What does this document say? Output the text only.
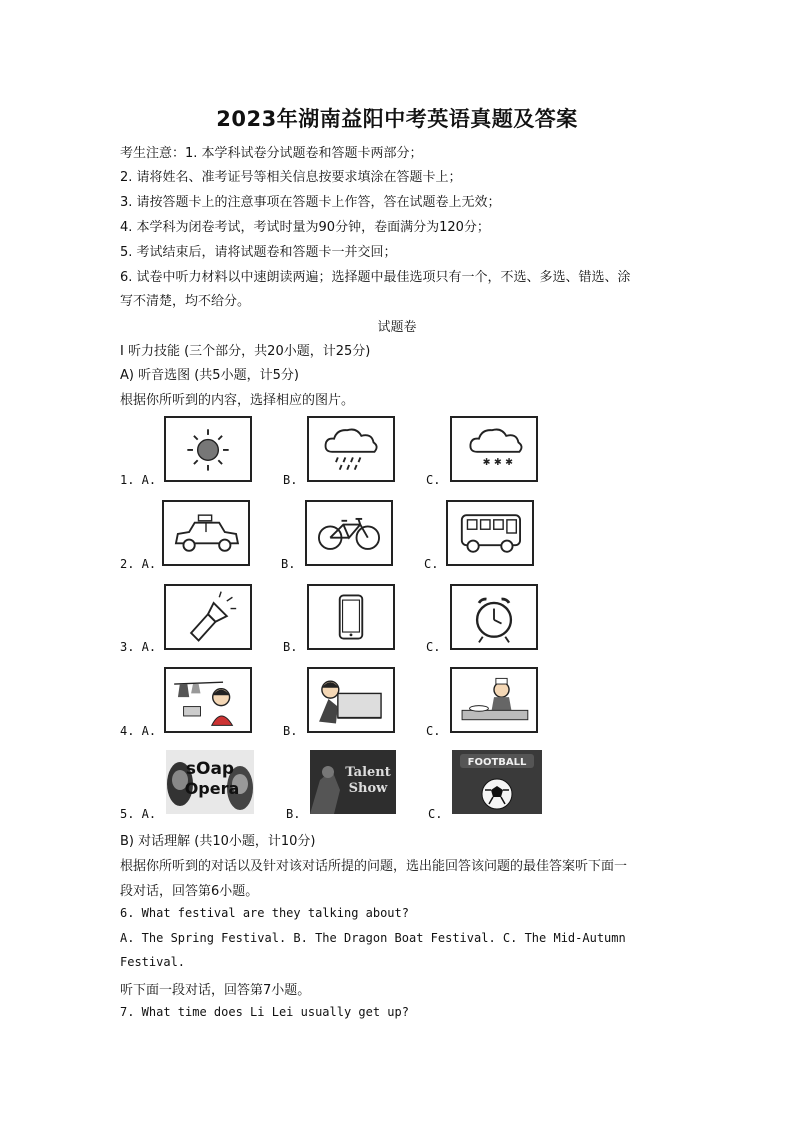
2023年湖南益阳中考英语真题及答案
考生注意：1. 本学科试卷分试题卷和答题卡两部分；
2. 请将姓名、准考证号等相关信息按要求填涂在答题卡上；
3. 请按答题卡上的注意事项在答题卡上作答，答在试题卷上无效；
4. 本学科为闭卷考试，考试时量为90分钟，卷面满分为120分；
5. 考试结束后，请将试题卷和答题卡一并交回；
6. 试卷中听力材料以中速朗读两遍；选择题中最佳选项只有一个，不选、多选、错选、涂
写不清楚，均不给分。
试题卷
I 听力技能 (三个部分，共20小题，计25分)
A) 听音选图 (共5小题，计5分)
根据你所听到的内容，选择相应的图片。
1. A.	B.	C.
✱ ✱ ✱
2. A.	B.	C.
3. A.	B.	C.
4. A.	B.	C.
5. A.
sOap
Opera
B.
Talent
Show
C.
FOOTBALL
B) 对话理解 (共10小题，计10分)
根据你所听到的对话以及针对该对话所提的问题，选出能回答该问题的最佳答案听下面一
段对话，回答第6小题。
6. What festival are they talking about?
A. The Spring Festival. B. The Dragon Boat Festival. C. The Mid-Autumn
Festival.
听下面一段对话，回答第7小题。
7. What time does Li Lei usually get up?
